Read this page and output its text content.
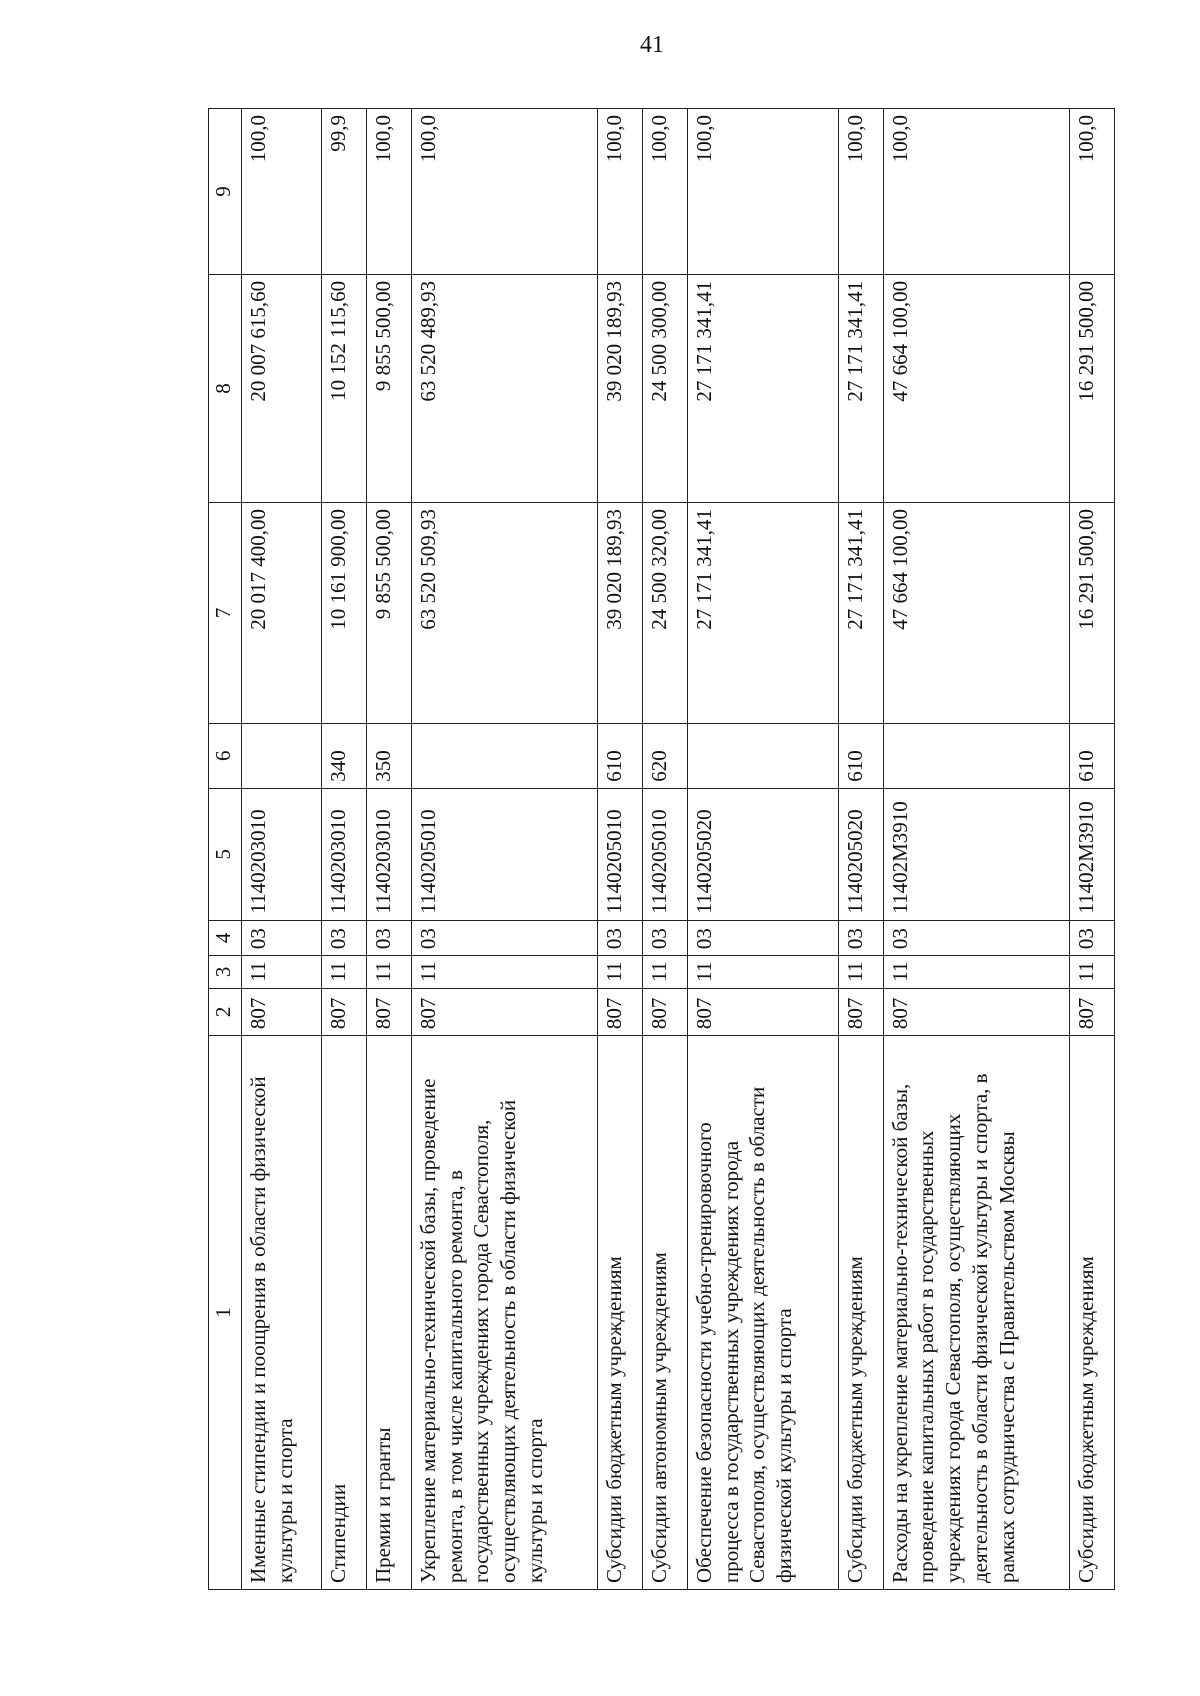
41
1	2	3	4	5	6	7	8	9
Именные стипендии и поощрения в области физической культуры и спорта	807	11	03	1140203010		20 017 400,00	20 007 615,60	100,0
Стипендии	807	11	03	1140203010	340	10 161 900,00	10 152 115,60	99,9
Премии и гранты	807	11	03	1140203010	350	9 855 500,00	9 855 500,00	100,0
Укрепление материально-технической базы, проведение ремонта, в том числе капитального ремонта, в государственных учреждениях города Севастополя, осуществляющих деятельность в области физической культуры и спорта	807	11	03	1140205010		63 520 509,93	63 520 489,93	100,0
Субсидии бюджетным учреждениям	807	11	03	1140205010	610	39 020 189,93	39 020 189,93	100,0
Субсидии автономным учреждениям	807	11	03	1140205010	620	24 500 320,00	24 500 300,00	100,0
Обеспечение безопасности учебно-тренировочного процесса в государственных учреждениях города Севастополя, осуществляющих деятельность в области физической культуры и спорта	807	11	03	1140205020		27 171 341,41	27 171 341,41	100,0
Субсидии бюджетным учреждениям	807	11	03	1140205020	610	27 171 341,41	27 171 341,41	100,0
Расходы на укрепление материально-технической базы, проведение капитальных работ в государственных учреждениях города Севастополя, осуществляющих деятельность в области физической культуры и спорта, в рамках сотрудничества с Правительством Москвы	807	11	03	11402М3910		47 664 100,00	47 664 100,00	100,0
Субсидии бюджетным учреждениям	807	11	03	11402М3910	610	16 291 500,00	16 291 500,00	100,0
